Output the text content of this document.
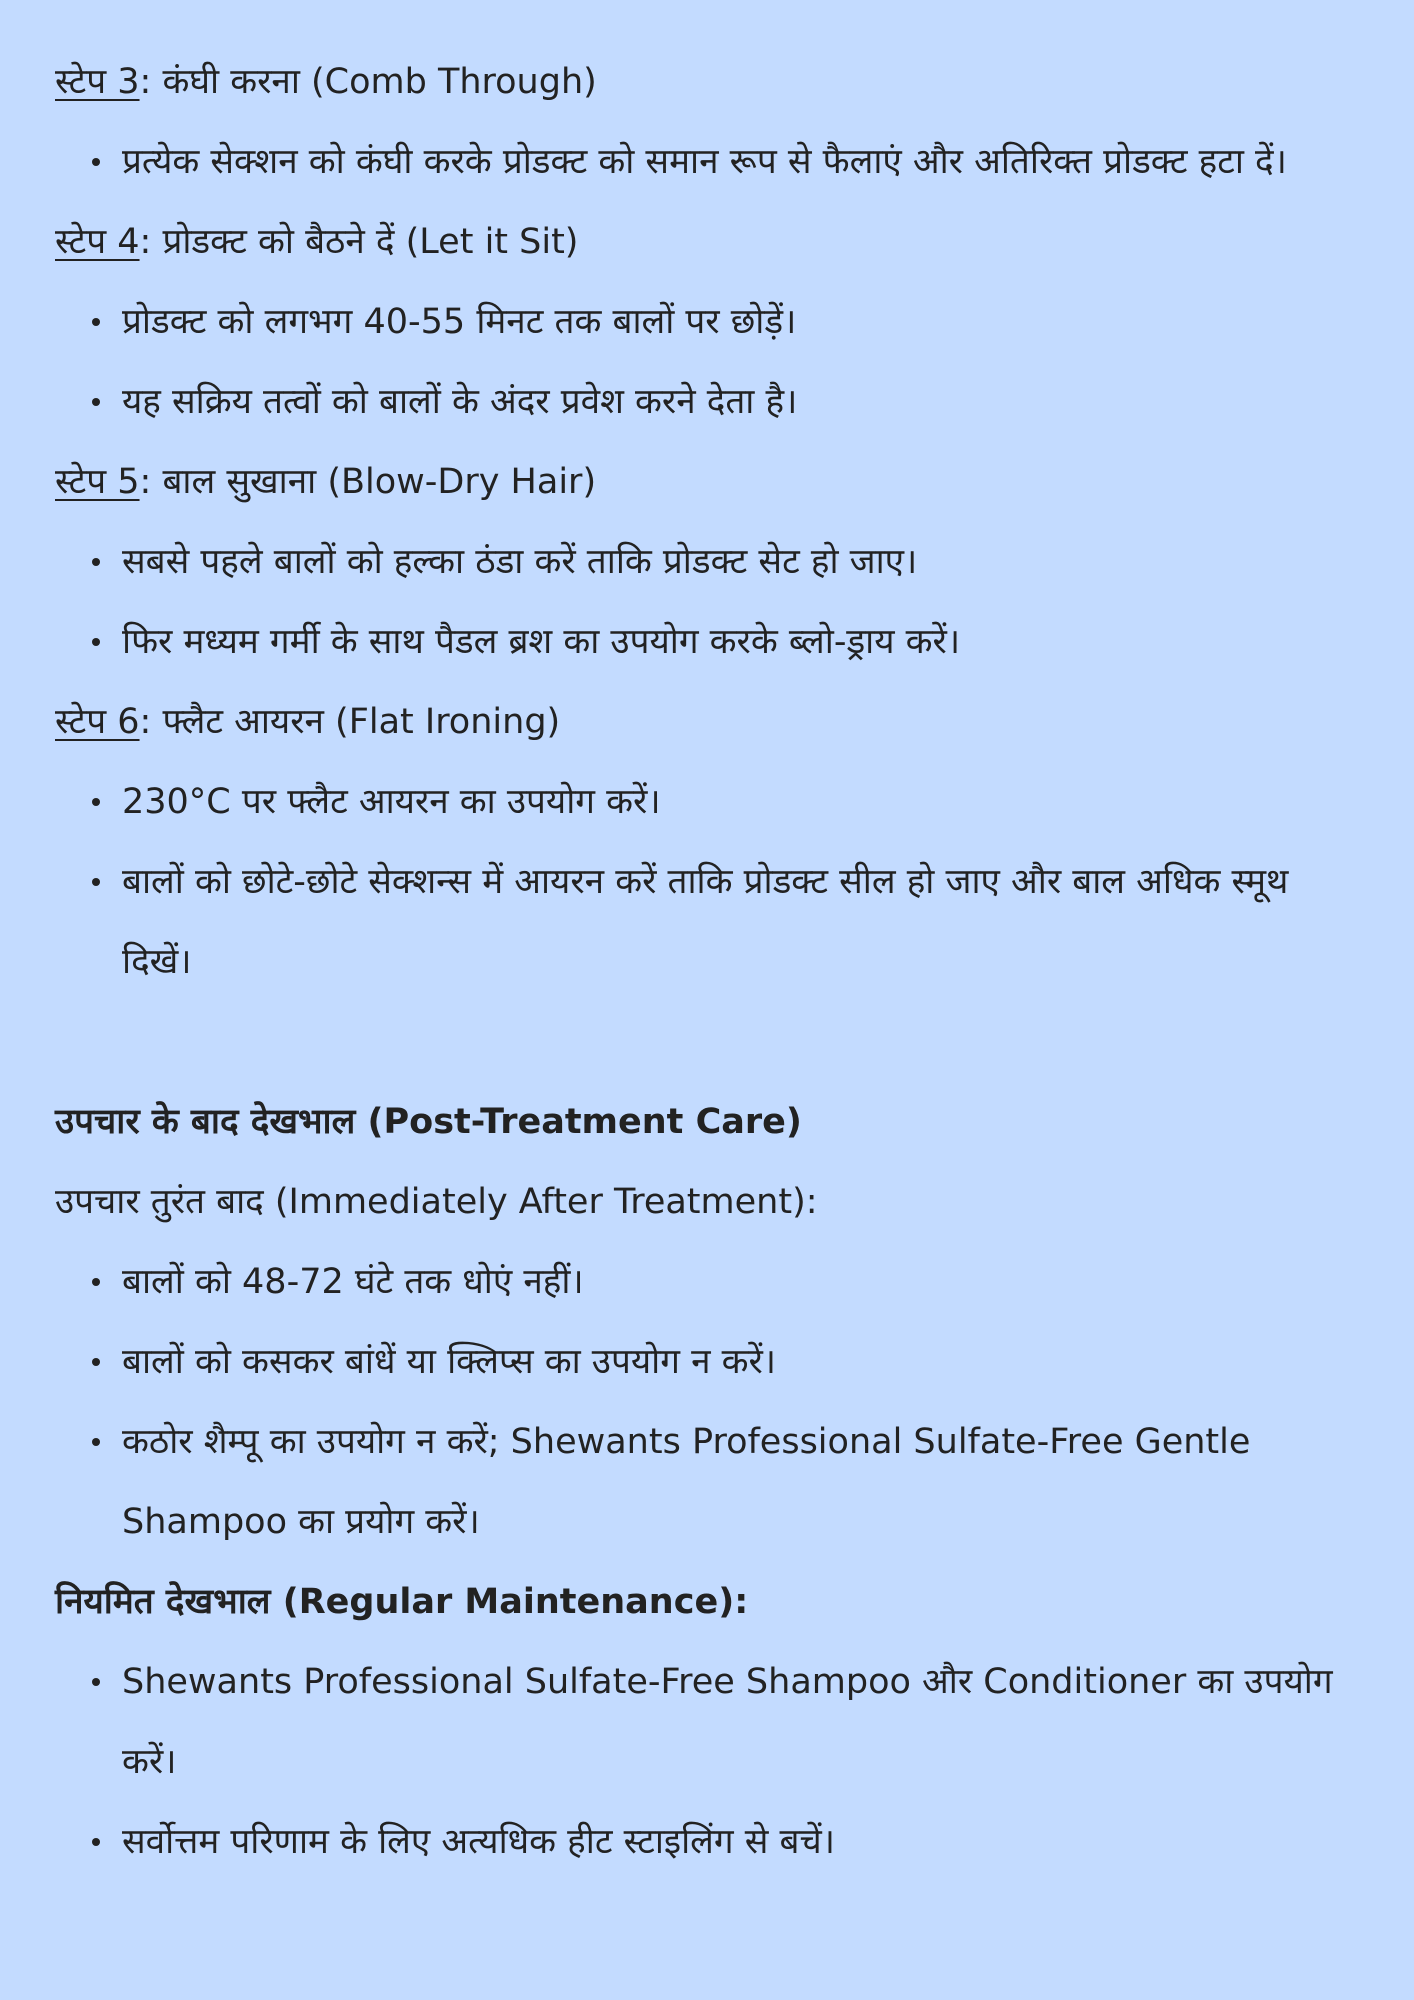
स्टेप 3: कंघी करना (Comb Through)

प्रत्येक सेक्शन को कंघी करके प्रोडक्ट को समान रूप से फैलाएं और अतिरिक्त प्रोडक्ट हटा दें।

स्टेप 4: प्रोडक्ट को बैठने दें (Let it Sit)

प्रोडक्ट को लगभग 40-55 मिनट तक बालों पर छोड़ें।
यह सक्रिय तत्वों को बालों के अंदर प्रवेश करने देता है।

स्टेप 5: बाल सुखाना (Blow-Dry Hair)

सबसे पहले बालों को हल्का ठंडा करें ताकि प्रोडक्ट सेट हो जाए।
फिर मध्यम गर्मी के साथ पैडल ब्रश का उपयोग करके ब्लो-ड्राय करें।

स्टेप 6: फ्लैट आयरन (Flat Ironing)

230°C पर फ्लैट आयरन का उपयोग करें।
बालों को छोटे-छोटे सेक्शन्स में आयरन करें ताकि प्रोडक्ट सील हो जाए और बाल अधिक स्मूथ दिखें।

उपचार के बाद देखभाल (Post-Treatment Care)

उपचार तुरंत बाद (Immediately After Treatment):

बालों को 48-72 घंटे तक धोएं नहीं।
बालों को कसकर बांधें या क्लिप्स का उपयोग न करें।
कठोर शैम्पू का उपयोग न करें; Shewants Professional Sulfate-Free Gentle Shampoo का प्रयोग करें।

नियमित देखभाल (Regular Maintenance):

Shewants Professional Sulfate-Free Shampoo और Conditioner का उपयोग करें।
सर्वोत्तम परिणाम के लिए अत्यधिक हीट स्टाइलिंग से बचें।
